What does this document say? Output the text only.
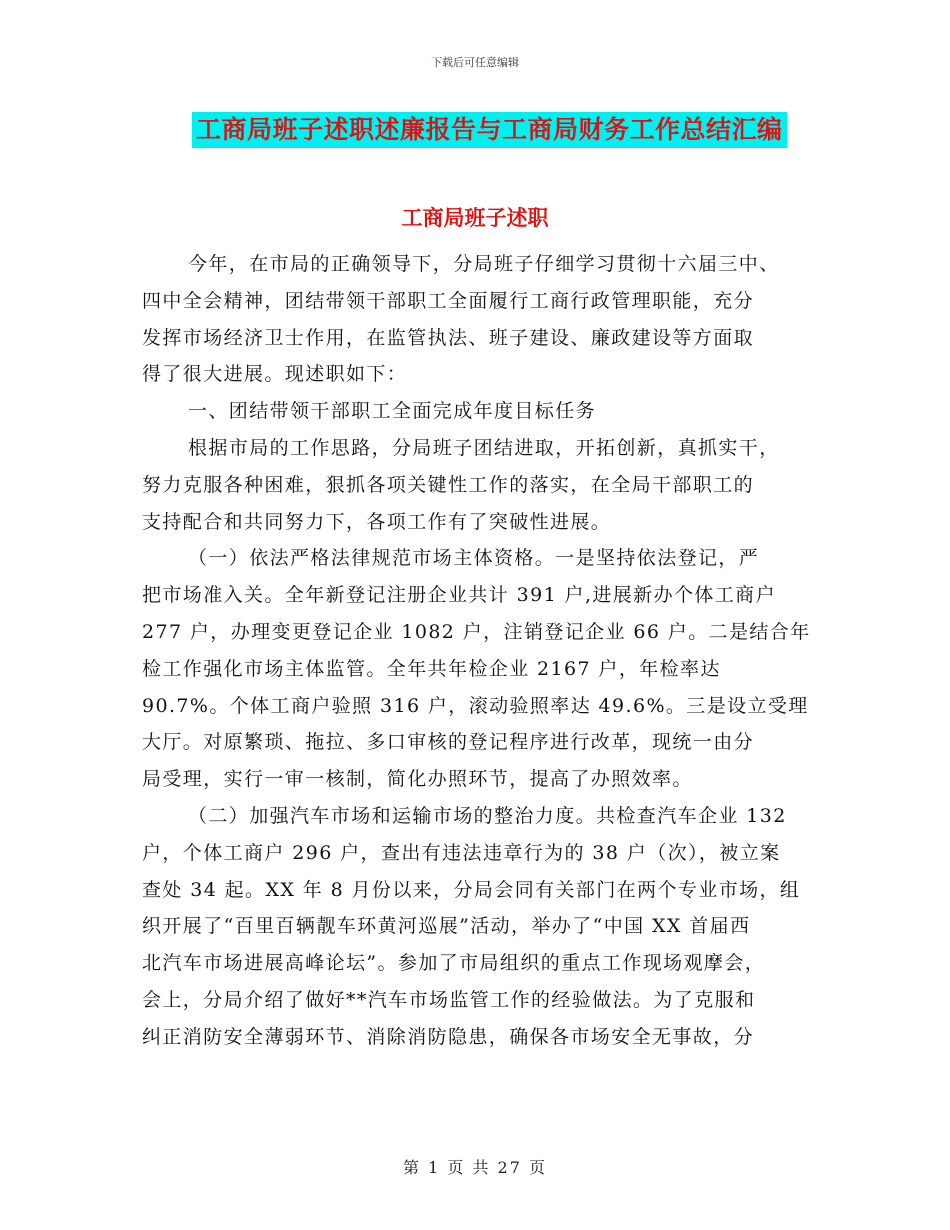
下载后可任意编辑
工商局班子述职述廉报告与工商局财务工作总结汇编
工商局班子述职
今年，在市局的正确领导下，分局班子仔细学习贯彻十六届三中、
四中全会精神，团结带领干部职工全面履行工商行政管理职能，充分
发挥市场经济卫士作用，在监管执法、班子建设、廉政建设等方面取
得了很大进展。现述职如下：
一、团结带领干部职工全面完成年度目标任务
根据市局的工作思路，分局班子团结进取，开拓创新，真抓实干，
努力克服各种困难，狠抓各项关键性工作的落实，在全局干部职工的
支持配合和共同努力下，各项工作有了突破性进展。
（一）依法严格法律规范市场主体资格。一是坚持依法登记，严
把市场准入关。全年新登记注册企业共计 391 户,进展新办个体工商户
277 户，办理变更登记企业 1082 户，注销登记企业 66 户。二是结合年
检工作强化市场主体监管。全年共年检企业 2167 户，年检率达
90.7%。个体工商户验照 316 户，滚动验照率达 49.6%。三是设立受理
大厅。对原繁琐、拖拉、多口审核的登记程序进行改革，现统一由分
局受理，实行一审一核制，简化办照环节，提高了办照效率。
（二）加强汽车市场和运输市场的整治力度。共检查汽车企业 132
户，个体工商户 296 户，查出有违法违章行为的 38 户（次），被立案
查处 34 起。XX 年 8 月份以来，分局会同有关部门在两个专业市场，组
织开展了“百里百辆靓车环黄河巡展”活动，举办了“中国 XX 首届西
北汽车市场进展高峰论坛”。参加了市局组织的重点工作现场观摩会，
会上，分局介绍了做好**汽车市场监管工作的经验做法。为了克服和
纠正消防安全薄弱环节、消除消防隐患，确保各市场安全无事故，分
第 1 页 共 27 页
